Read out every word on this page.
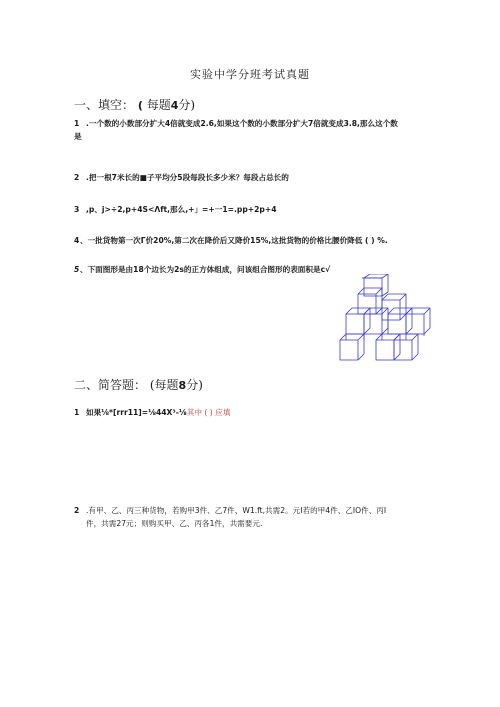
实验中学分班考试真题
一、填空： ( 每题4分)
1 .一个数的小数部分扩大4倍就变成2.6,如果这个数的小数部分扩大7倍就变成3.8,那么这个数
是
2 .把一根7米长的■子平均分5段每段长多少米？每段占总长的
3 ,p、j>÷2,p+4S<Λft,那么,+」=+一1=.pp+2p+4
4、一批货物第一次Γ价20%,第二次在降价后又降价15%,这批货物的价格比腰价降低 ( ) %.
5、下面图形是由18个边长为2s的正方体组成，问该组合图形的表面积是c√
二、简答题： (每题8分)
1 如果⅛*[rrr11]=⅛44X³-⅛其中 ( ) 应填
2 .有甲、乙、丙三种货物，若购甲3件、乙7件、W1.ft,共需2。元Ι若的甲4件、乙IO件、丙I
件，共需27元；则购买甲、乙、丙各1件，共需要元.
